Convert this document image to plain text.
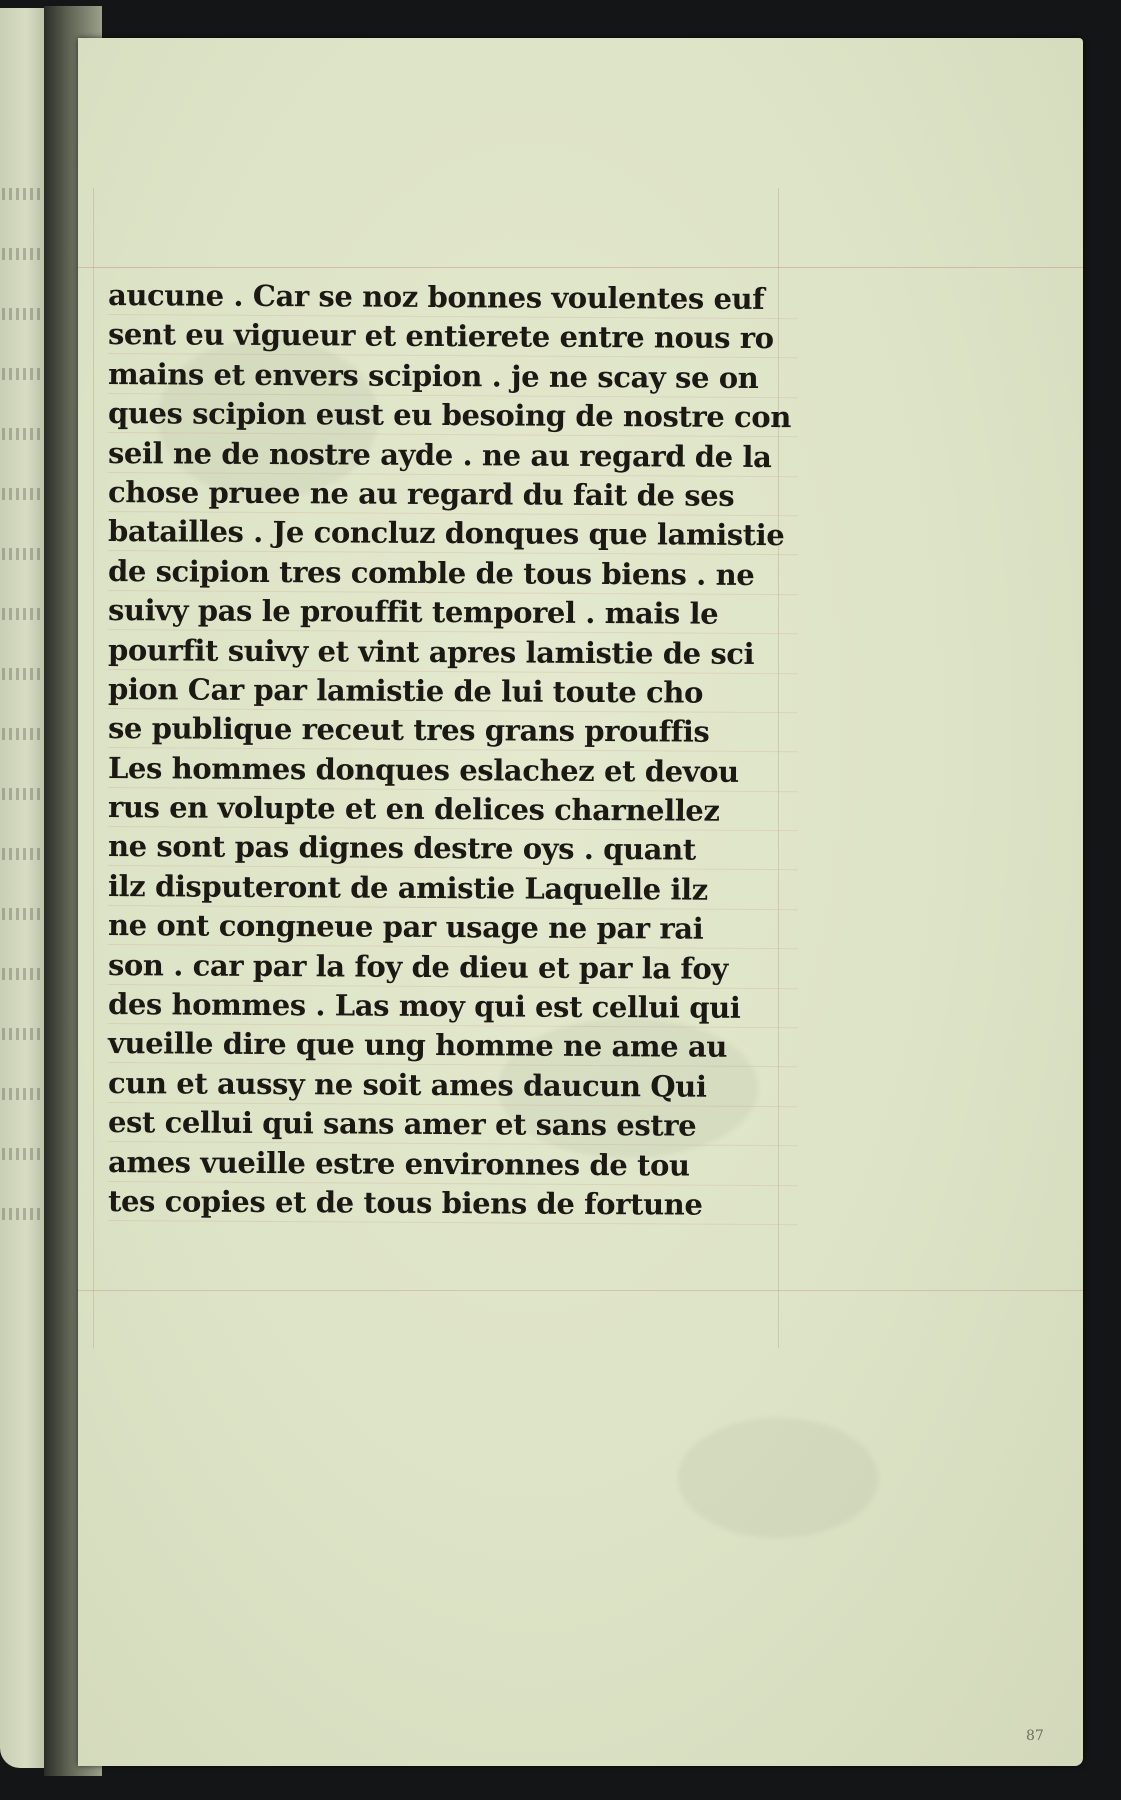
aucune . Car se noz bonnes voulentes euf
sent eu vigueur et entierete entre nous ro
mains et envers scipion . je ne scay se on
ques scipion eust eu besoing de nostre con
seil ne de nostre ayde . ne au regard de la
chose pruee ne au regard du fait de ses
batailles . Je concluz donques que lamistie
de scipion tres comble de tous biens . ne
suivy pas le prouffit temporel . mais le
pourfit suivy et vint apres lamistie de sci
pion Car par lamistie de lui toute cho
se publique receut tres grans prouffis
Les hommes donques eslachez et devou
rus en volupte et en delices charnellez
ne sont pas dignes destre oys . quant
ilz disputeront de amistie Laquelle ilz
ne ont congneue par usage ne par rai
son . car par la foy de dieu et par la foy
des hommes . Las moy qui est cellui qui
vueille dire que ung homme ne ame au
cun et aussy ne soit ames daucun Qui
est cellui qui sans amer et sans estre
ames vueille estre environnes de tou
tes copies et de tous biens de fortune
87
